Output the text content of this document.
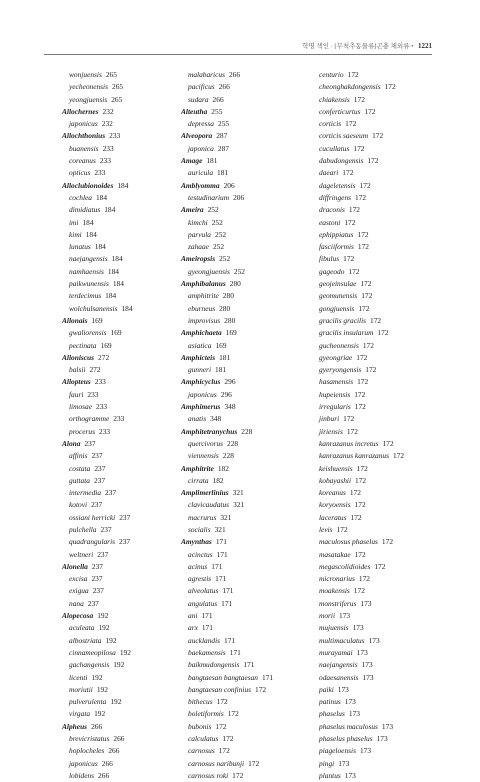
학명 색인 · [무척추동물류]곤충 체외류 • 1221
wonjuensis 265
yecheonensis 265
yeongjuensis 265
Allochernes 232
japonicus 232
Allochthonius 233
buanensis 233
coreanus 233
opticus 233
Alloclubionoides 184
cochlea 184
dimidiatus 184
imi 184
kimi 184
lunatus 184
naejangensis 184
namhaensis 184
paikwunensis 184
terdecimus 184
wolchulsanensis 184
Allonais 169
gwaliorensis 169
pectinata 169
Alloniscus 272
balsii 272
Allopteus 233
fauri 233
limosae 233
orthogramme 233
procerus 233
Alona 237
affinis 237
costata 237
guttata 237
intermedia 237
kotovi 237
ossiani herricki 237
pulchella 237
quadrangularis 237
weltneri 237
Alonella 237
excisa 237
exigua 237
nana 237
Alopecosa 192
aculeata 192
albostriata 192
cinnameopilosa 192
gachangensis 192
licenti 192
moriutii 192
pulverulenta 192
virgata 192
Alpheus 266
brevicristatus 266
hoplocheles 266
japonicus 266
lobidens 266
malabaricus 266
pacificus 266
sudara 266
Alteutha 255
depressa 255
Alveopora 287
japonica 287
Amage 181
auricula 181
Amblyomma 206
testudinarium 206
Ameira 252
kimchi 252
parvula 252
zahaae 252
Ameiropsis 252
gyeongjuensis 252
Amphibalanus 280
amphitrite 280
eburneus 280
improvisus 280
Amphichaeta 169
asiatica 169
Amphicteis 181
gunneri 181
Amphicyclus 296
japonicus 296
Amphimerus 348
anatis 348
Amphitetranychus 228
quercivorus 228
viennensis 228
Amphitrite 182
cirrata 182
Amplimerlinius 321
clavicaudatus 321
macrurus 321
socialis 321
Amynthas 171
acinctus 171
acinus 171
agrestis 171
alveolatus 171
angulatus 171
ani 171
arx 171
aucklandis 171
baekamensis 171
baikmudongensis 171
bangtaesan bangtaesan 171
bangtaesan confinius 172
bithecus 172
boletiformis 172
bubonis 172
calculatus 172
carnosus 172
carnosus naribunji 172
carnosus roki 172
centurio 172
cheonghakdongensis 172
chiakensis 172
conferticurtus 172
corticis 172
corticis saeseum 172
cucullatus 172
dabudongensis 172
daeari 172
dageletensis 172
diffringens 172
draconis 172
eastoni 172
ephippiatus 172
fasciiformis 172
fibulus 172
gageodo 172
geojeinsulae 172
geomunensis 172
gongjuensis 172
gracilis gracilis 172
gracilis insularum 172
gucheonensis 172
gyeongriae 172
gyeryongensis 172
hasamensis 172
hupeiensis 172
irregularis 172
jinburi 172
jiriensis 172
kanrazanus incretus 172
kanrazanus kanrazanus 172
keishuensis 172
kobayashii 172
koreanus 172
koryoensis 172
laceratus 172
levis 172
maculosus phaselus 172
masatakae 172
megascolidioides 172
micronarius 172
moakensis 172
monstriferus 173
morii 173
mujuensis 173
multimaculatus 173
murayamai 173
naejangensis 173
odaesanensis 173
paiki 173
patinus 173
phaselus 173
phaselus maculosus 173
phaselus phaselus 173
piageloensis 173
pingi 173
plantus 173
